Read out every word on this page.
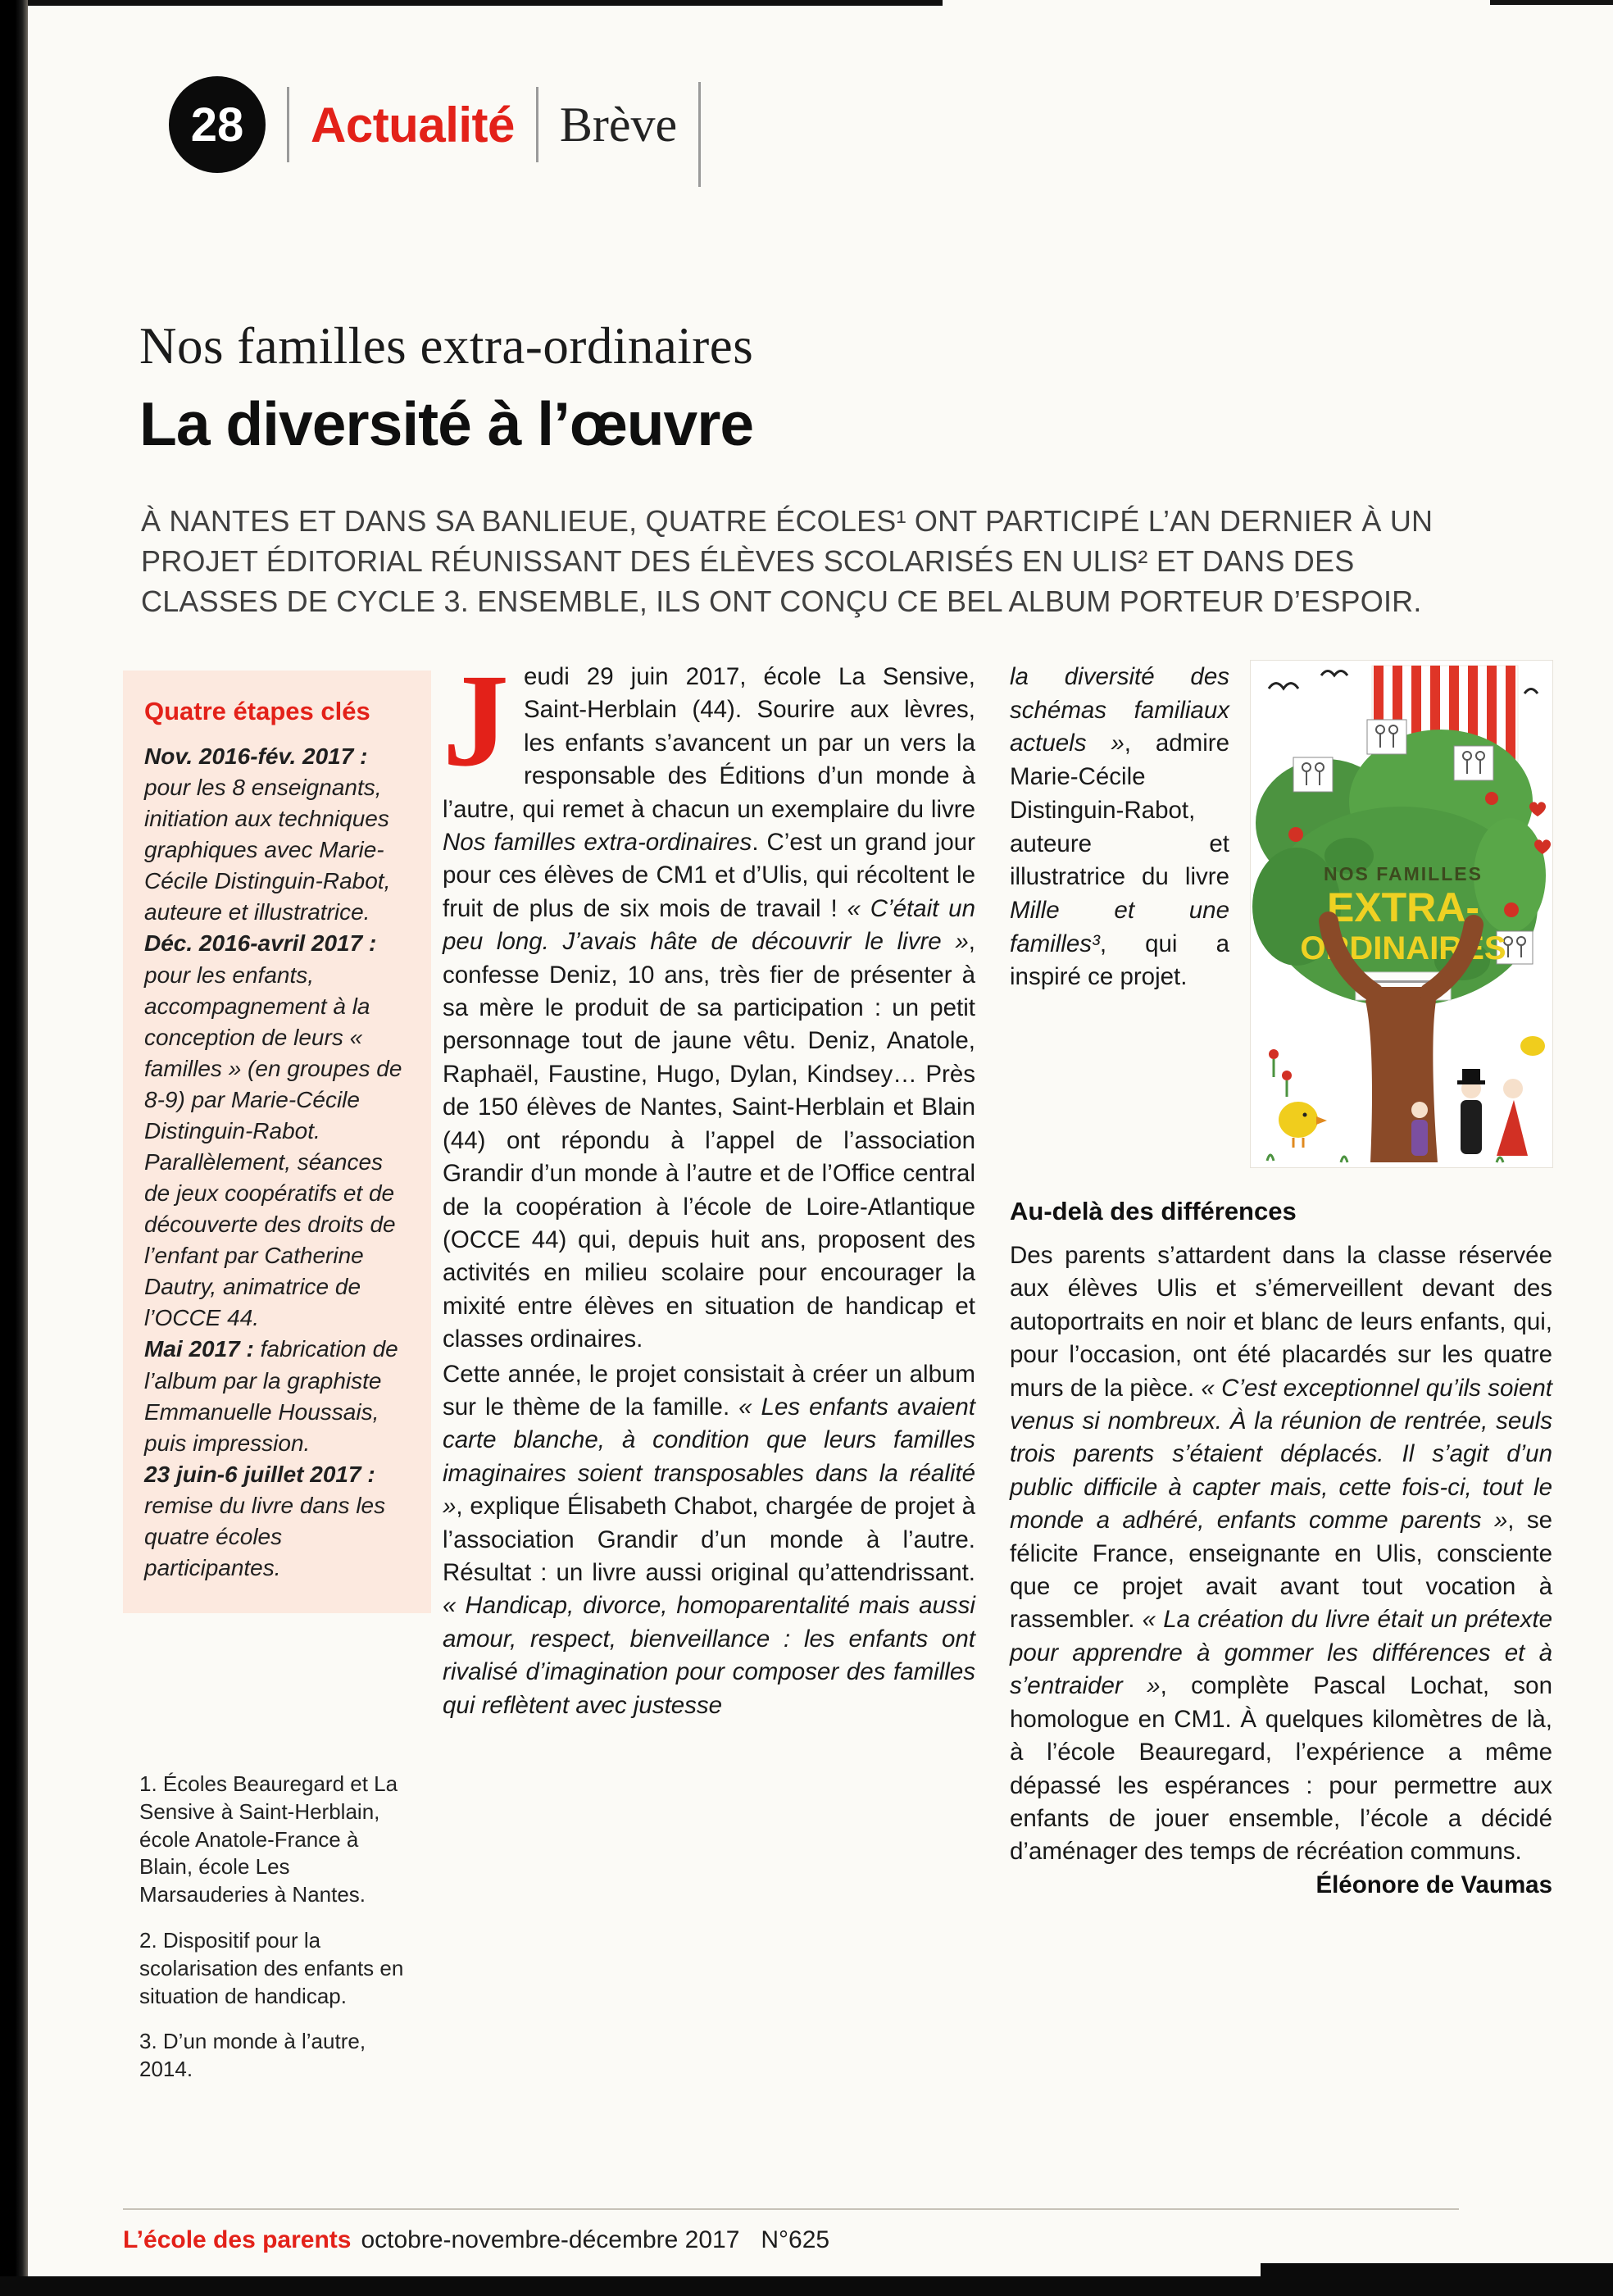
28	Actualité Brève
Nos familles extra-ordinaires
La diversité à l’œuvre

À NANTES ET DANS SA BANLIEUE, QUATRE ÉCOLES¹ ONT PARTICIPÉ L’AN DERNIER À UN PROJET ÉDITORIAL RÉUNISSANT DES ÉLÈVES SCOLARISÉS EN ULIS² ET DANS DES CLASSES DE CYCLE 3. ENSEMBLE, ILS ONT CONÇU CE BEL ALBUM PORTEUR D’ESPOIR.

Quatre étapes clés

Nov. 2016-fév. 2017 : pour les 8 enseignants, initiation aux techniques graphiques avec Marie-Cécile Distinguin-Rabot, auteure et illustratrice.

Déc. 2016-avril 2017 : pour les enfants, accompagnement à la conception de leurs « familles » (en groupes de 8-9) par Marie-Cécile Distinguin-Rabot. Parallèlement, séances de jeux coopératifs et de découverte des droits de l’enfant par Catherine Dautry, animatrice de l’OCCE 44.

Mai 2017 : fabrication de l’album par la graphiste Emmanuelle Houssais, puis impression.

23 juin-6 juillet 2017 : remise du livre dans les quatre écoles participantes.

1. Écoles Beauregard et La Sensive à Saint-Herblain, école Anatole-France à Blain, école Les Marsauderies à Nantes.

2. Dispositif pour la scolarisation des enfants en situation de handicap.

3. D’un monde à l’autre, 2014.

Jeudi 29 juin 2017, école La Sensive, Saint-Herblain (44). Sourire aux lèvres, les enfants s’avancent un par un vers la responsable des Éditions d’un monde à l’autre, qui remet à chacun un exemplaire du livre Nos familles extra-ordinaires. C’est un grand jour pour ces élèves de CM1 et d’Ulis, qui récoltent le fruit de plus de six mois de travail ! « C’était un peu long. J’avais hâte de découvrir le livre », confesse Deniz, 10 ans, très fier de présenter à sa mère le produit de sa participation : un petit personnage tout de jaune vêtu. Deniz, Anatole, Raphaël, Faustine, Hugo, Dylan, Kindsey… Près de 150 élèves de Nantes, Saint-Herblain et Blain (44) ont répondu à l’appel de l’association Grandir d’un monde à l’autre et de l’Office central de la coopération à l’école de Loire-Atlantique (OCCE 44) qui, depuis huit ans, proposent des activités en milieu scolaire pour encourager la mixité entre élèves en situation de handicap et classes ordinaires.

Cette année, le projet consistait à créer un album sur le thème de la famille. « Les enfants avaient carte blanche, à condition que leurs familles imaginaires soient transposables dans la réalité », explique Élisabeth Chabot, chargée de projet à l’association Grandir d’un monde à l’autre. Résultat : un livre aussi original qu’attendrissant. « Handicap, divorce, homoparentalité mais aussi amour, respect, bienveillance : les enfants ont rivalisé d’imagination pour composer des familles qui reflètent avec justesse

la diversité des schémas familiaux actuels », admire Marie-Cécile Distinguin-Rabot, auteure et illustratrice du livre Mille et une familles³, qui a inspiré ce projet.

NOS FAMILLES
EXTRA-
ORDINAIRES
Au-delà des différences

Des parents s’attardent dans la classe réservée aux élèves Ulis et s’émerveillent devant des autoportraits en noir et blanc de leurs enfants, qui, pour l’occasion, ont été placardés sur les quatre murs de la pièce. « C’est exceptionnel qu’ils soient venus si nombreux. À la réunion de rentrée, seuls trois parents s’étaient déplacés. Il s’agit d’un public difficile à capter mais, cette fois-ci, tout le monde a adhéré, enfants comme parents », se félicite France, enseignante en Ulis, consciente que ce projet avait avant tout vocation à rassembler. « La création du livre était un prétexte pour apprendre à gommer les différences et à s’entraider », complète Pascal Lochat, son homologue en CM1. À quelques kilomètres de là, à l’école Beauregard, l’expérience a même dépassé les espérances : pour permettre aux enfants de jouer ensemble, l’école a décidé d’aménager des temps de récréation communs.
Éléonore de Vaumas

L’école des parents octobre-novembre-décembre 2017 N°625
